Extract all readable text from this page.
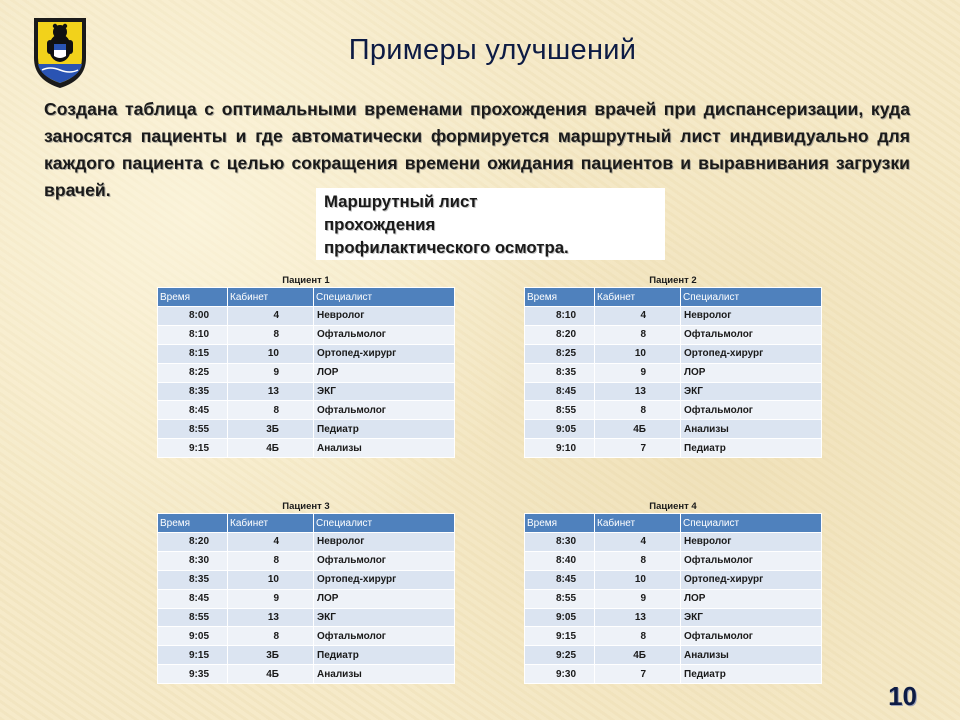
Примеры улучшений
Создана таблица с оптимальными временами прохождения врачей при диспансеризации, куда заносятся пациенты и где автоматически формируется маршрутный лист индивидуально для каждого пациента с целью сокращения времени ожидания пациентов и выравнивания загрузки врачей.
Маршрутный лист
прохождения
профилактического осмотра.
Пациент 1
Время	Кабинет	Специалист
8:00	4	Невролог
8:10	8	Офтальмолог
8:15	10	Ортопед-хирург
8:25	9	ЛОР
8:35	13	ЭКГ
8:45	8	Офтальмолог
8:55	3Б	Педиатр
9:15	4Б	Анализы
Пациент 2
Время	Кабинет	Специалист
8:10	4	Невролог
8:20	8	Офтальмолог
8:25	10	Ортопед-хирург
8:35	9	ЛОР
8:45	13	ЭКГ
8:55	8	Офтальмолог
9:05	4Б	Анализы
9:10	7	Педиатр
Пациент 3
Время	Кабинет	Специалист
8:20	4	Невролог
8:30	8	Офтальмолог
8:35	10	Ортопед-хирург
8:45	9	ЛОР
8:55	13	ЭКГ
9:05	8	Офтальмолог
9:15	3Б	Педиатр
9:35	4Б	Анализы
Пациент 4
Время	Кабинет	Специалист
8:30	4	Невролог
8:40	8	Офтальмолог
8:45	10	Ортопед-хирург
8:55	9	ЛОР
9:05	13	ЭКГ
9:15	8	Офтальмолог
9:25	4Б	Анализы
9:30	7	Педиатр
10
